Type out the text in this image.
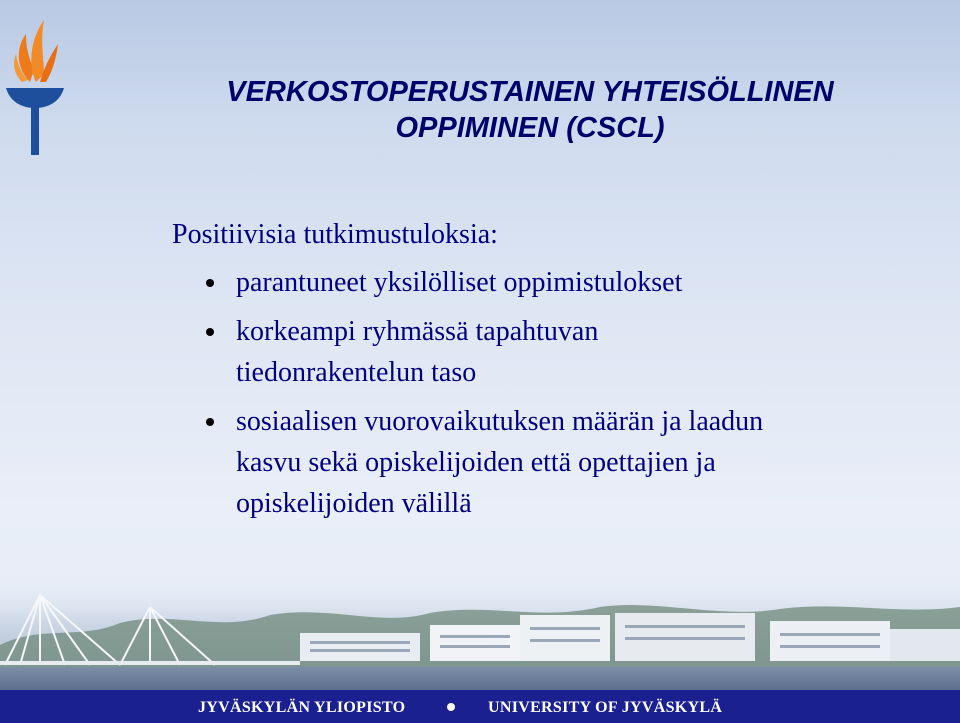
VERKOSTOPERUSTAINEN YHTEISÖLLINEN
OPPIMINEN (CSCL)
Positiivisia tutkimustuloksia:
parantuneet yksilölliset oppimistulokset
korkeampi ryhmässä tapahtuvan
tiedonrakentelun taso
sosiaalisen vuorovaikutuksen määrän ja laadun
kasvu sekä opiskelijoiden että opettajien ja
opiskelijoiden välillä
JYVÄSKYLÄN YLIOPISTO	UNIVERSITY OF JYVÄSKYLÄ
